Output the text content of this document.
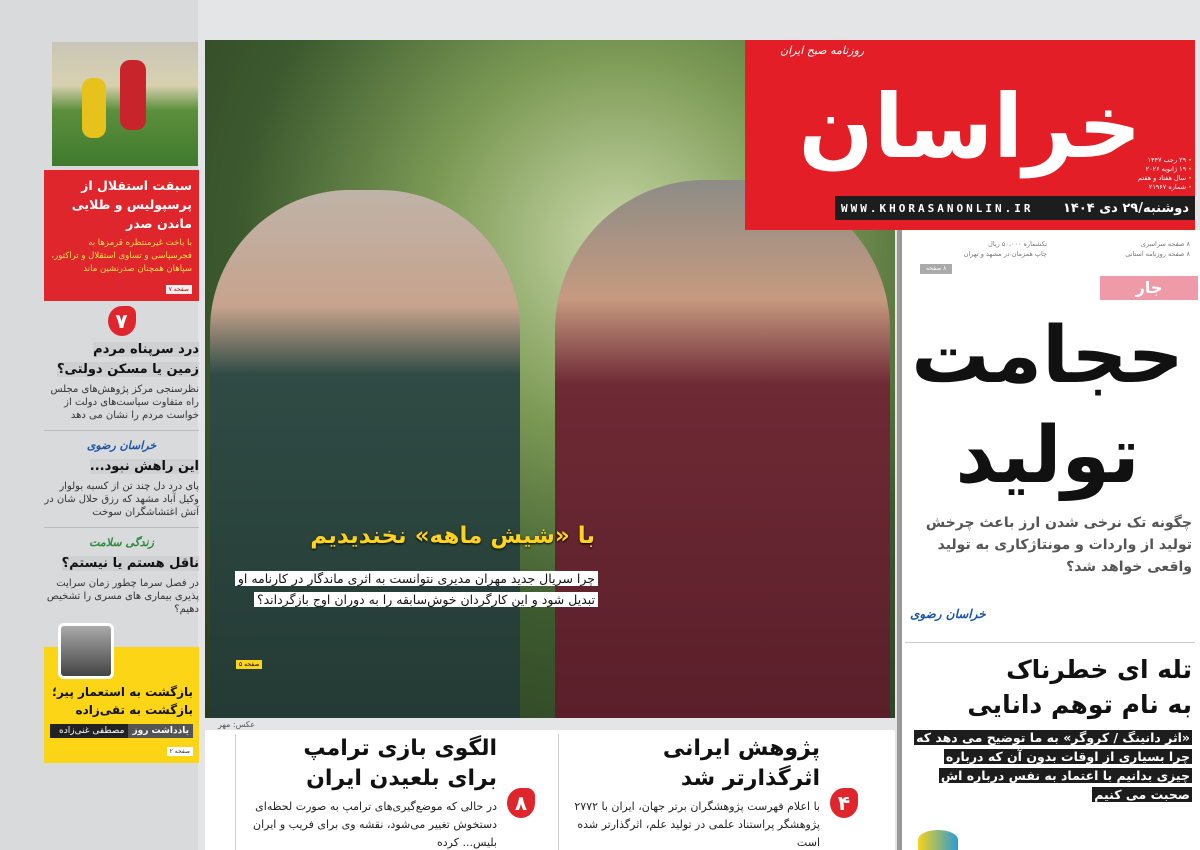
سبقت استقلال از پرسپولیس و طلایی ماندن صدر

با باخت غیرمنتظره قرمزها به فجرسپاسی و تساوی استقلال و تراکتور، سپاهان همچنان صدرنشین ماند

صفحه ۷
۷
درد سرپناه مردم
زمین یا مسکن دولتی؟

نظرسنجی مرکز پژوهش‌های مجلس راه متفاوت سیاست‌های دولت از خواست مردم را نشان می دهد

خراسان رضوی
این راهش نبود...

پای درد دل چند تن از کسبه بولوار وکیل آباد مشهد که رزق حلال شان در آتش اغتشاشگران سوخت

زندگی سلامت
ناقل هستم یا نیستم؟

در فصل سرما چطور زمان سرایت پذیری بیماری های مسری را تشخیص دهیم؟

بازگشت به استعمار پیر؛ بازگشت به تقی‌زاده
یادداشت روز
مصطفی غنی‌زاده
صفحه ۲
با «شیش ماهه» نخندیدیم
چرا سریال جدید مهران مدیری نتوانست به اثری ماندگار در کارنامه او تبدیل شود و این کارگردان خوش‌سابقه را به دوران اوج بازگرداند؟
صفحه ۵
عکس: مهر
۸
الگوی بازی ترامپ
برای بلعیدن ایران
در حالی که موضع‌گیری‌های ترامپ به صورت لحظه‌ای دستخوش تغییر می‌شود، نقشه وی برای فریب و ایران بلیس... کرده
۴
پژوهش ایرانی
اثرگذارتر شد
با اعلام فهرست پژوهشگران برتر جهان، ایران با ۲۷۷۲ پژوهشگر پراستناد علمی در تولید علم، اثرگذارتر شده است
روزنامه صبح ایران
خراسان • ۲۹ رجب ۱۴۴۷
• ۱۹ ژانویه ۲۰۲۶
• سال هفتاد و هفتم
• شماره ۲۱۹۶۷
دوشنبه/۲۹ دی ۱۴۰۴
WWW.KHORASANONLIN.IR
۸ صفحه سراسری
تکشماره ۵۰،۰۰۰ ریال
۸ صفحه روزنامه استانی
چاپ همزمان در مشهد و تهران
۸ صفحه
جار
حجامت
تولید
چگونه تک نرخی شدن ارز باعث چرخش تولید از واردات و مونتاژکاری به تولید واقعی خواهد شد؟
خراسان رضوی
تله ای خطرناک
به نام توهم دانایی
«اثر دانینگ / کروگر» به ما توضیح می دهد که چرا بسیاری از اوقات بدون آن که درباره چیزی بدانیم با اعتماد به نفس درباره اش صحبت می کنیم
